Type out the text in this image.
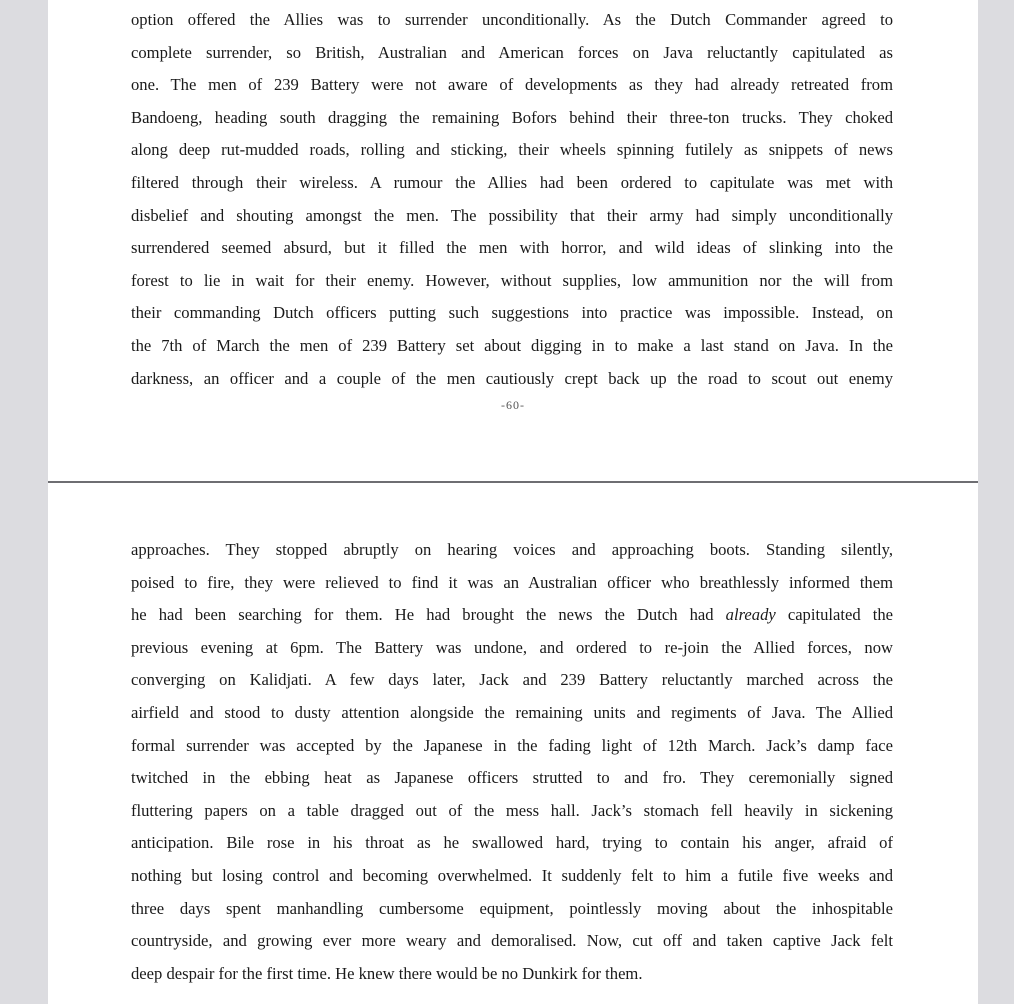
option offered the Allies was to surrender unconditionally. As the Dutch Commander agreed to
complete surrender, so British, Australian and American forces on Java reluctantly capitulated as
one. The men of 239 Battery were not aware of developments as they had already retreated from
Bandoeng, heading south dragging the remaining Bofors behind their three-ton trucks. They choked
along deep rut-mudded roads, rolling and sticking, their wheels spinning futilely as snippets of news
filtered through their wireless. A rumour the Allies had been ordered to capitulate was met with
disbelief and shouting amongst the men. The possibility that their army had simply unconditionally
surrendered seemed absurd, but it filled the men with horror, and wild ideas of slinking into the
forest to lie in wait for their enemy. However, without supplies, low ammunition nor the will from
their commanding Dutch officers putting such suggestions into practice was impossible. Instead, on
the 7th of March the men of 239 Battery set about digging in to make a last stand on Java. In the
darkness, an officer and a couple of the men cautiously crept back up the road to scout out enemy
-60-
approaches. They stopped abruptly on hearing voices and approaching boots. Standing silently,
poised to fire, they were relieved to find it was an Australian officer who breathlessly informed them
he had been searching for them. He had brought the news the Dutch had already capitulated the
previous evening at 6pm. The Battery was undone, and ordered to re-join the Allied forces, now
converging on Kalidjati. A few days later, Jack and 239 Battery reluctantly marched across the
airfield and stood to dusty attention alongside the remaining units and regiments of Java. The Allied
formal surrender was accepted by the Japanese in the fading light of 12th March. Jack’s damp face
twitched in the ebbing heat as Japanese officers strutted to and fro. They ceremonially signed
fluttering papers on a table dragged out of the mess hall. Jack’s stomach fell heavily in sickening
anticipation. Bile rose in his throat as he swallowed hard, trying to contain his anger, afraid of
nothing but losing control and becoming overwhelmed. It suddenly felt to him a futile five weeks and
three days spent manhandling cumbersome equipment, pointlessly moving about the inhospitable
countryside, and growing ever more weary and demoralised. Now, cut off and taken captive Jack felt
deep despair for the first time. He knew there would be no Dunkirk for them.
